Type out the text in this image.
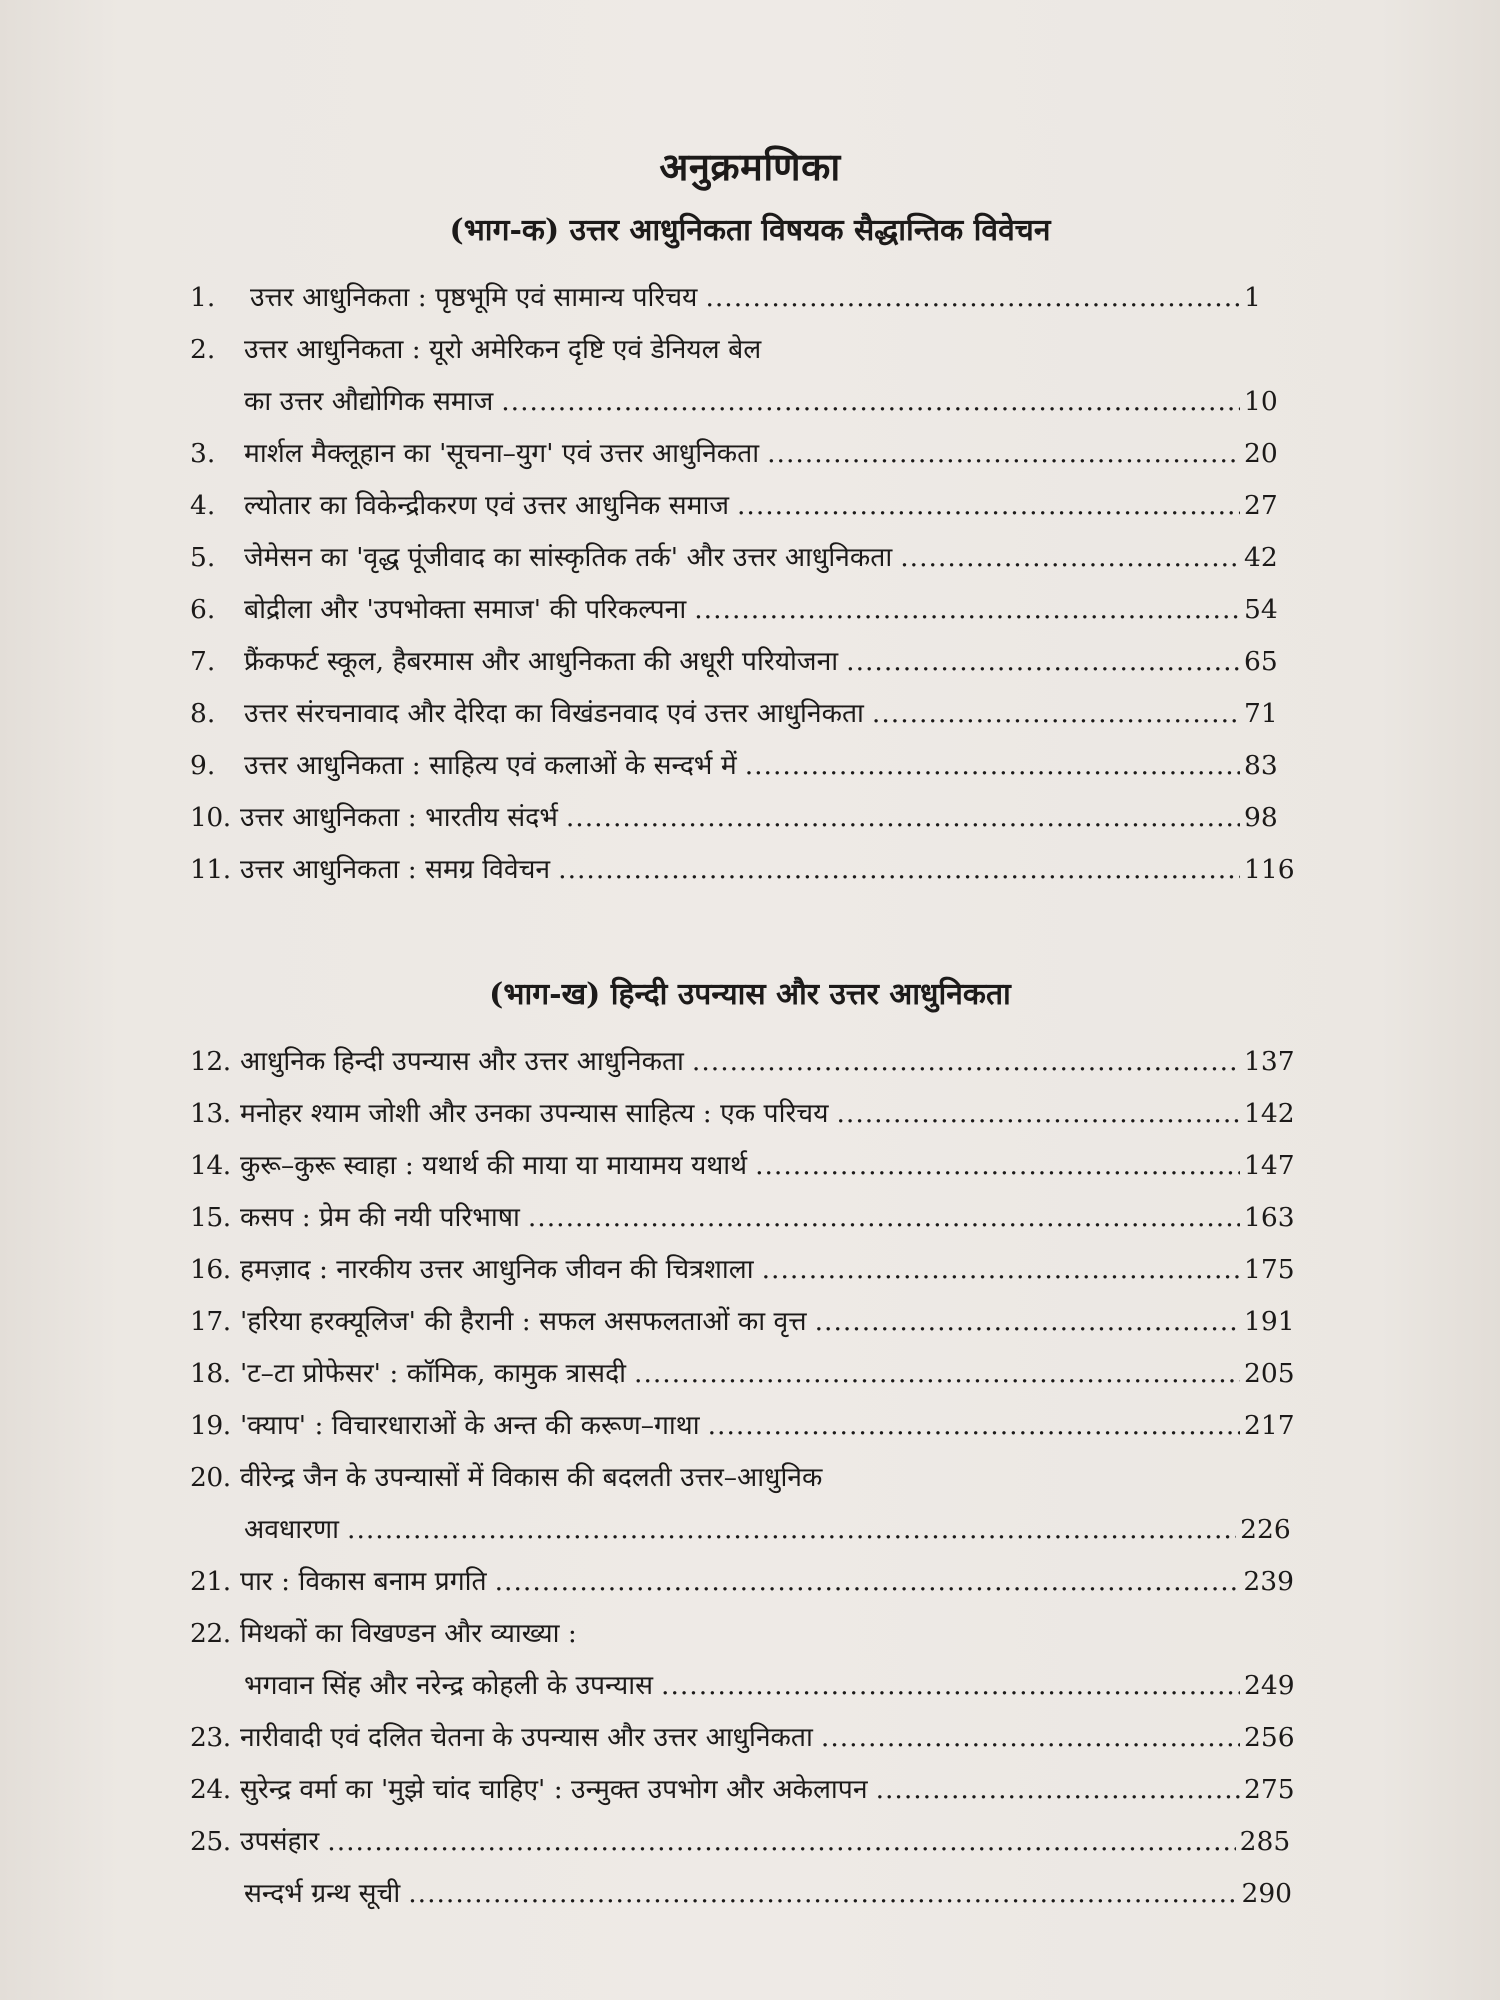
अनुक्रमणिका
(भाग-क) उत्तर आधुनिकता विषयक सैद्धान्तिक विवेचन
1. उत्तर आधुनिकता : पृष्ठभूमि एवं सामान्य परिचय .....	1
2. उत्तर आधुनिकता : यूरो अमेरिकन दृष्टि एवं डेनियल बेल
का उत्तर औद्योगिक समाज .....	10
3. मार्शल मैक्लूहान का 'सूचना–युग' एवं उत्तर आधुनिकता .....	20
4. ल्योतार का विकेन्द्रीकरण एवं उत्तर आधुनिक समाज .....	27
5. जेमेसन का 'वृद्ध पूंजीवाद का सांस्कृतिक तर्क' और उत्तर आधुनिकता .....	42
6. बोद्रीला और 'उपभोक्ता समाज' की परिकल्पना .....	54
7. फ्रैंकफर्ट स्कूल, हैबरमास और आधुनिकता की अधूरी परियोजना .....	65
8. उत्तर संरचनावाद और देरिदा का विखंडनवाद एवं उत्तर आधुनिकता .....	71
9. उत्तर आधुनिकता : साहित्य एवं कलाओं के सन्दर्भ में .....	83
10. उत्तर आधुनिकता : भारतीय संदर्भ .....	98
11. उत्तर आधुनिकता : समग्र विवेचन .....	116
(भाग-ख) हिन्दी उपन्यास और उत्तर आधुनिकता
12. आधुनिक हिन्दी उपन्यास और उत्तर आधुनिकता .....	137
13. मनोहर श्याम जोशी और उनका उपन्यास साहित्य : एक परिचय .....	142
14. कुरू–कुरू स्वाहा : यथार्थ की माया या मायामय यथार्थ .....	147
15. कसप : प्रेम की नयी परिभाषा .....	163
16. हमज़ाद : नारकीय उत्तर आधुनिक जीवन की चित्रशाला .....	175
17. 'हरिया हरक्यूलिज' की हैरानी : सफल असफलताओं का वृत्त .....	191
18. 'ट–टा प्रोफेसर' : कॉमिक, कामुक त्रासदी .....	205
19. 'क्याप' : विचारधाराओं के अन्त की करूण–गाथा .....	217
20. वीरेन्द्र जैन के उपन्यासों में विकास की बदलती उत्तर–आधुनिक
अवधारणा .....	226
21. पार : विकास बनाम प्रगति .....	239
22. मिथकों का विखण्डन और व्याख्या :
भगवान सिंह और नरेन्द्र कोहली के उपन्यास .....	249
23. नारीवादी एवं दलित चेतना के उपन्यास और उत्तर आधुनिकता .....	256
24. सुरेन्द्र वर्मा का 'मुझे चांद चाहिए' : उन्मुक्त उपभोग और अकेलापन .....	275
25. उपसंहार .....	285
सन्दर्भ ग्रन्थ सूची .....	290
